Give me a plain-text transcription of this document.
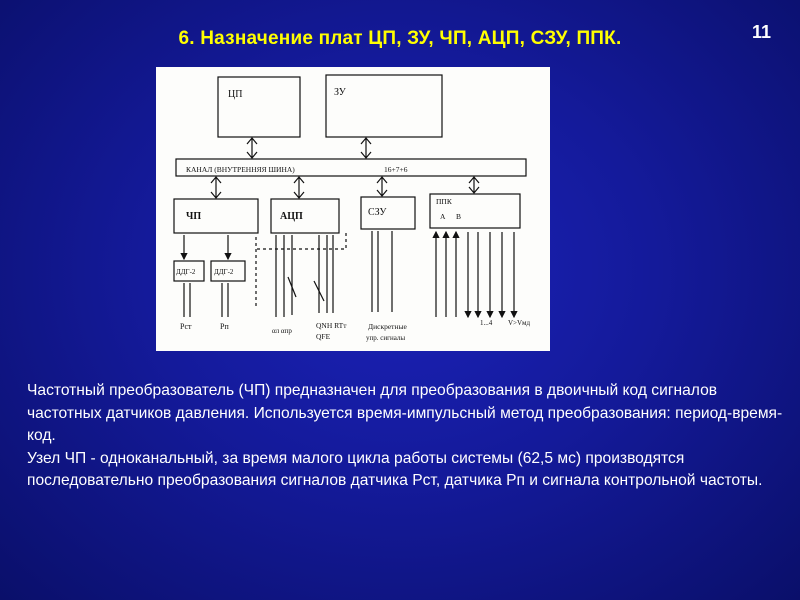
6. Назначение плат ЦП, ЗУ, ЧП, АЦП, СЗУ, ППК.	11
ЦП	ЗУ
КАНАЛ (ВНУТРЕННЯЯ ШИНА)	16+7+6
ЧП	АЦП	СЗУ
ППК
А В
ДДГ-2	ДДГ-2
Рст	Рп	αл αпр
QNH RTт
QFE
Дискретные
упр. сигналы
1...4 V>Vмд

Частотный преобразователь (ЧП) предназначен для преобразования в двоичный код сигналов частотных датчиков давления. Используется время-импульсный метод преобразования: период-время-код.

Узел ЧП - одноканальный, за время малого цикла работы системы (62,5 мс) производятся последовательно преобразования сигналов датчика Рст, датчика Рп и сигнала контрольной частоты.
